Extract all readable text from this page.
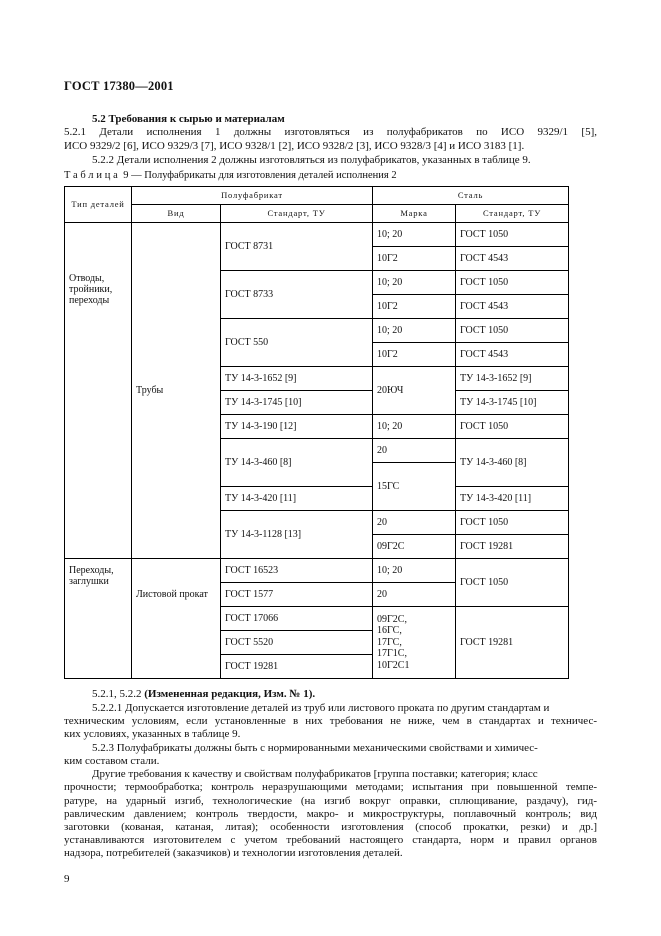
ГОСТ 17380—2001
5.2 Требования к сырью и материалам
5.2.1 Детали исполнения 1 должны изготовляться из полуфабрикатов по ИСО 9329/1 [5],
ИСО 9329/2 [6], ИСО 9329/3 [7], ИСО 9328/1 [2], ИСО 9328/2 [3], ИСО 9328/3 [4] и ИСО 3183 [1].
5.2.2 Детали исполнения 2 должны изготовляться из полуфабрикатов, указанных в таблице 9.
Таблица 9 — Полуфабрикаты для изготовления деталей исполнения 2
Тип деталей	Полуфабрикат		Сталь	
	Вид	Стандарт, ТУ	Марка	Стандарт, ТУ
Отводы, тройники, переходы	Трубы	ГОСТ 8731	10; 20	ГОСТ 1050
			10Г2	ГОСТ 4543
		ГОСТ 8733	10; 20	ГОСТ 1050
			10Г2	ГОСТ 4543
		ГОСТ 550	10; 20	ГОСТ 1050
			10Г2	ГОСТ 4543
		ТУ 14-3-1652 [9]	20ЮЧ	ТУ 14-3-1652 [9]
		ТУ 14-3-1745 [10]		ТУ 14-3-1745 [10]
		ТУ 14-3-190 [12]	10; 20	ГОСТ 1050
		ТУ 14-3-460 [8]	20	ТУ 14-3-460 [8]
			15ГС	
		ТУ 14-3-420 [11]		ТУ 14-3-420 [11]
		ТУ 14-3-1128 [13]	20	ГОСТ 1050
			09Г2С	ГОСТ 19281
Переходы, заглушки	Листовой прокат	ГОСТ 16523	10; 20	ГОСТ 1050
		ГОСТ 1577	20	
		ГОСТ 17066	09Г2С, 16ГС, 17ГС, 17Г1С, 10Г2С1	ГОСТ 19281
		ГОСТ 5520		
		ГОСТ 19281		
5.2.1, 5.2.2 (Измененная редакция, Изм. № 1).
5.2.2.1 Допускается изготовление деталей из труб или листового проката по другим стандартам и
техническим условиям, если установленные в них требования не ниже, чем в стандартах и техничес-
ких условиях, указанных в таблице 9.
5.2.3 Полуфабрикаты должны быть с нормированными механическими свойствами и химичес-
ким составом стали.
Другие требования к качеству и свойствам полуфабрикатов [группа поставки; категория; класс
прочности; термообработка; контроль неразрушающими методами; испытания при повышенной темпе-
ратуре, на ударный изгиб, технологические (на изгиб вокруг оправки, сплющивание, раздачу), гид-
равлическим давлением; контроль твердости, макро- и микроструктуры, поплавочный контроль; вид
заготовки (кованая, катаная, литая); особенности изготовления (способ прокатки, резки) и др.]
устанавливаются изготовителем с учетом требований настоящего стандарта, норм и правил органов
надзора, потребителей (заказчиков) и технологии изготовления деталей.
9
